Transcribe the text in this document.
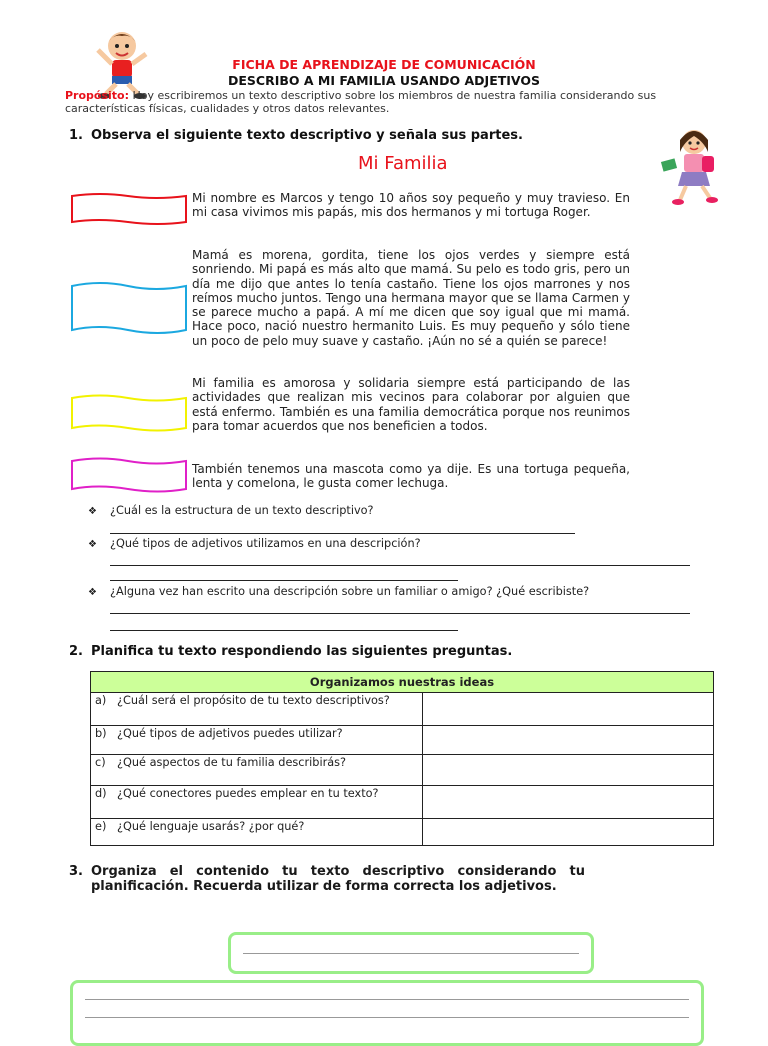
FICHA DE APRENDIZAJE DE COMUNICACIÓN
DESCRIBO A MI FAMILIA USANDO ADJETIVOS
Propósito: Hoy escribiremos un texto descriptivo sobre los miembros de nuestra familia considerando sus características físicas, cualidades y otros datos relevantes.
1. Observa el siguiente texto descriptivo y señala sus partes.
Mi Familia
Mi nombre es Marcos y tengo 10 años soy pequeño y muy travieso. En mi casa vivimos mis papás, mis dos hermanos y mi tortuga Roger.
Mamá es morena, gordita, tiene los ojos verdes y siempre está sonriendo. Mi papá es más alto que mamá. Su pelo es todo gris, pero un día me dijo que antes lo tenía castaño. Tiene los ojos marrones y nos reímos mucho juntos. Tengo una hermana mayor que se llama Carmen y se parece mucho a papá. A mí me dicen que soy igual que mi mamá. Hace poco, nació nuestro hermanito Luis. Es muy pequeño y sólo tiene un poco de pelo muy suave y castaño. ¡Aún no sé a quién se parece!
Mi familia es amorosa y solidaria siempre está participando de las actividades que realizan mis vecinos para colaborar por alguien que está enfermo. También es una familia democrática porque nos reunimos para tomar acuerdos que nos beneficien a todos.
También tenemos una mascota como ya dije. Es una tortuga pequeña, lenta y comelona, le gusta comer lechuga.
❖ ¿Cuál es la estructura de un texto descriptivo?
❖ ¿Qué tipos de adjetivos utilizamos en una descripción?
❖ ¿Alguna vez han escrito una descripción sobre un familiar o amigo? ¿Qué escribiste?
2. Planifica tu texto respondiendo las siguientes preguntas.
Organizamos nuestras ideas	
a) ¿Cuál será el propósito de tu texto descriptivos?	
b) ¿Qué tipos de adjetivos puedes utilizar?	
c) ¿Qué aspectos de tu familia describirás?	
d) ¿Qué conectores puedes emplear en tu texto?	
e) ¿Qué lenguaje usarás? ¿por qué?	
3. Organiza el contenido tu texto descriptivo considerando tu planificación. Recuerda utilizar de forma correcta los adjetivos.
